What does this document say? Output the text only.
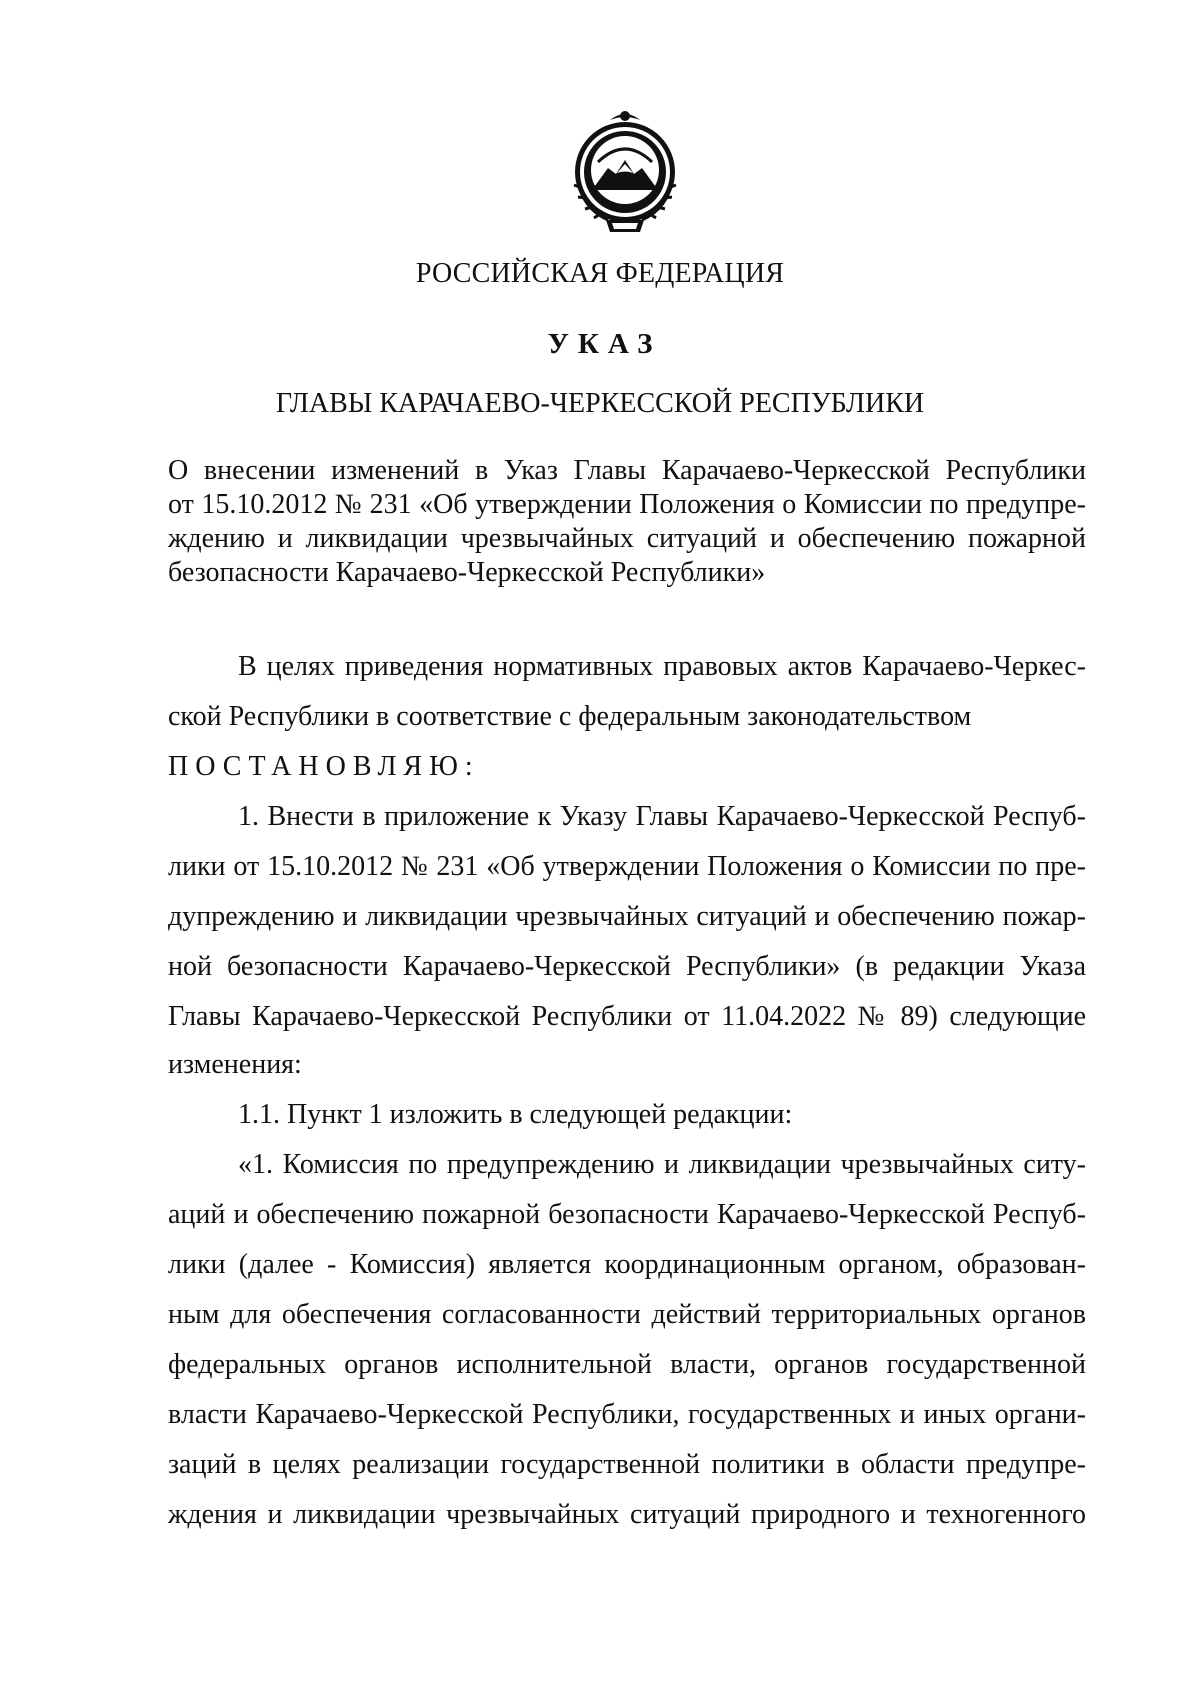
РОССИЙСКАЯ ФЕДЕРАЦИЯ
УКАЗ
ГЛАВЫ КАРАЧАЕВО-ЧЕРКЕССКОЙ РЕСПУБЛИКИ
О внесении изменений в Указ Главы Карачаево-Черкесской Республики
от 15.10.2012 № 231 «Об утверждении Положения о Комиссии по предупре-
ждению и ликвидации чрезвычайных ситуаций и обеспечению пожарной
безопасности Карачаево-Черкесской Республики»
В целях приведения нормативных правовых актов Карачаево-Черкес-
ской Республики в соответствие с федеральным законодательством
ПОСТАНОВЛЯЮ:
1. Внести в приложение к Указу Главы Карачаево-Черкесской Респуб-
лики от 15.10.2012 № 231 «Об утверждении Положения о Комиссии по пре-
дупреждению и ликвидации чрезвычайных ситуаций и обеспечению пожар-
ной безопасности Карачаево-Черкесской Республики» (в редакции Указа
Главы Карачаево-Черкесской Республики от 11.04.2022 № 89) следующие
изменения:
1.1. Пункт 1 изложить в следующей редакции:
«1. Комиссия по предупреждению и ликвидации чрезвычайных ситу-
аций и обеспечению пожарной безопасности Карачаево-Черкесской Респуб-
лики (далее - Комиссия) является координационным органом, образован-
ным для обеспечения согласованности действий территориальных органов
федеральных органов исполнительной власти, органов государственной
власти Карачаево-Черкесской Республики, государственных и иных органи-
заций в целях реализации государственной политики в области предупре-
ждения и ликвидации чрезвычайных ситуаций природного и техногенного
